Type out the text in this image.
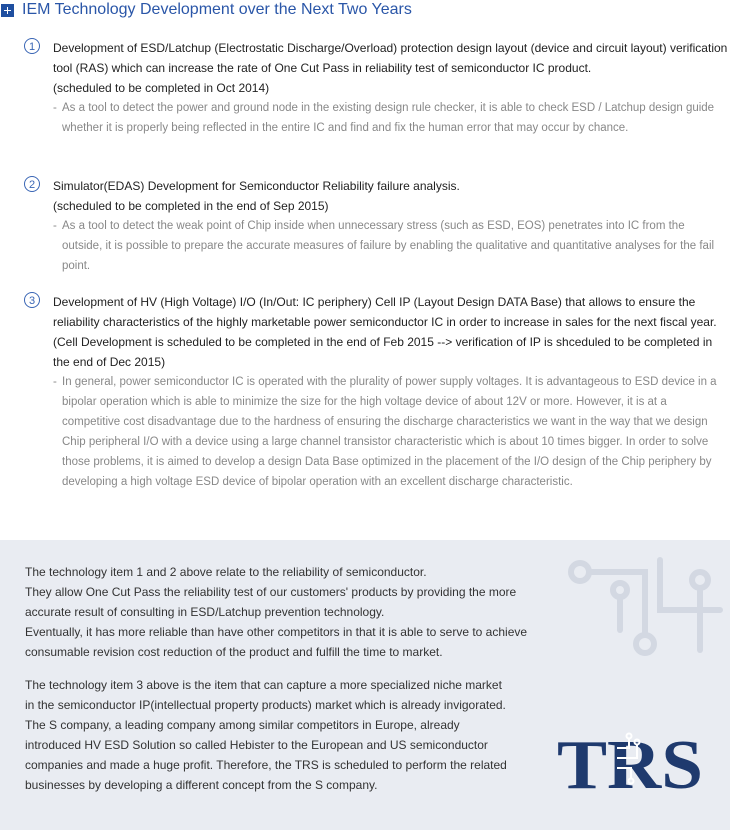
IEM Technology Development over the Next Two Years
1	Development of ESD/Latchup (Electrostatic Discharge/Overload) protection design layout (device and circuit layout) verification tool (RAS) which can increase the rate of One Cut Pass in reliability test of semiconductor IC product.
(scheduled to be completed in Oct 2014)
- As a tool to detect the power and ground node in the existing design rule checker, it is able to check ESD / Latchup design guide whether it is properly being reflected in the entire IC and find and fix the human error that may occur by chance.
2	Simulator(EDAS) Development for Semiconductor Reliability failure analysis.
(scheduled to be completed in the end of Sep 2015)
- As a tool to detect the weak point of Chip inside when unnecessary stress (such as ESD, EOS) penetrates into IC from the outside, it is possible to prepare the accurate measures of failure by enabling the qualitative and quantitative analyses for the fail point.
3	Development of HV (High Voltage) I/O (In/Out: IC periphery) Cell IP (Layout Design DATA Base) that allows to ensure the reliability characteristics of the highly marketable power semiconductor IC in order to increase in sales for the next fiscal year. (Cell Development is scheduled to be completed in the end of Feb 2015 --> verification of IP is shceduled to be completed in the end of Dec 2015)
- In general, power semiconductor IC is operated with the plurality of power supply voltages. It is advantageous to ESD device in a bipolar operation which is able to minimize the size for the high voltage device of about 12V or more. However, it is at a competitive cost disadvantage due to the hardness of ensuring the discharge characteristics we want in the way that we design Chip peripheral I/O with a device using a large channel transistor characteristic which is about 10 times bigger. In order to solve those problems, it is aimed to develop a design Data Base optimized in the placement of the I/O design of the Chip periphery by developing a high voltage ESD device of bipolar operation with an excellent discharge characteristic.
The technology item 1 and 2 above relate to the reliability of semiconductor.
They allow One Cut Pass the reliability test of our customers' products by providing the more
accurate result of consulting in ESD/Latchup prevention technology.
Eventually, it has more reliable than have other competitors in that it is able to serve to achieve
consumable revision cost reduction of the product and fulfill the time to market.
The technology item 3 above is the item that can capture a more specialized niche market
in the semiconductor IP(intellectual property products) market which is already invigorated.
The S company, a leading company among similar competitors in Europe, already
introduced HV ESD Solution so called Hebister to the European and US semiconductor
companies and made a huge profit. Therefore, the TRS is scheduled to perform the related
businesses by developing a different concept from the S company.	TRS
